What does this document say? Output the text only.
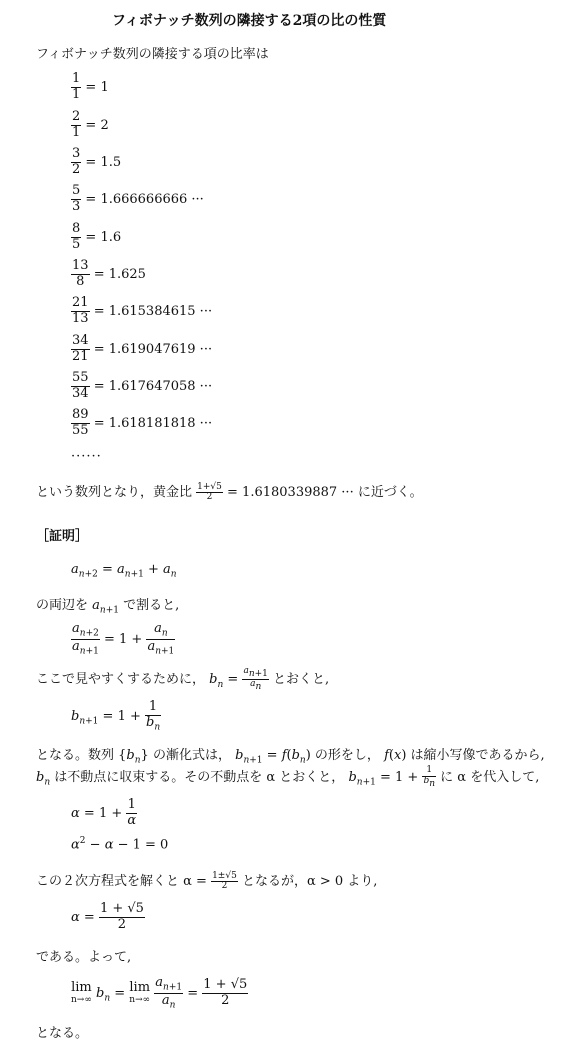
フィボナッチ数列の隣接する2項の比の性質
フィボナッチ数列の隣接する項の比率は
$\frac{1}{1} = 1$
$\frac{2}{1} = 2$
$\frac{3}{2} = 1.5$
$\frac{5}{3} = 1.666666666$ ···
$\frac{8}{5} = 1.6$
$\frac{13}{8} = 1.625$
$\frac{21}{13} = 1.615384615$ ···
$\frac{34}{21} = 1.619047619$ ···
$\frac{55}{34} = 1.617647058$ ···
$\frac{89}{55} = 1.618181818$ ···
······
という数列となり，黄金比 $\frac{1+√5}{2} = 1.6180339887$ ··· に近づく。
［証明］
$a_{n+2} = a_{n+1} + a_n$
の両辺を $a_{n+1}$ で割ると,
$\frac{a_{n+2}}{a_{n+1}} = 1 + \frac{a_n}{a_{n+1}}$
ここで見やすくするために， $b_n = \frac{a_{n+1}}{a_n}$ とおくと,
$b_{n+1} = 1 + \frac{1}{b_n}$
となる。数列 $\{b_n\}$ の漸化式は， $b_{n+1} = f(b_n)$ の形をし， f(x) は縮小写像であるから,
$b_n$ は不動点に収束する。その不動点を α とおくと， $b_{n+1} = 1 + \frac{1}{b_n}$ に α を代入して,
$\alpha = 1 + \frac{1}{\alpha}$
$\alpha^2 - \alpha - 1 = 0$
この２次方程式を解くと $\alpha = \frac{1\pm√5}{2}$ となるが，α > 0 より,
$\alpha = \frac{1 + √5}{2}$
である。よって,
lim
n→∞ $b_n = \lim$
n→∞
$\frac{a_{n+1}}{a_n} = \frac{1 + √5}{2}$
となる。
